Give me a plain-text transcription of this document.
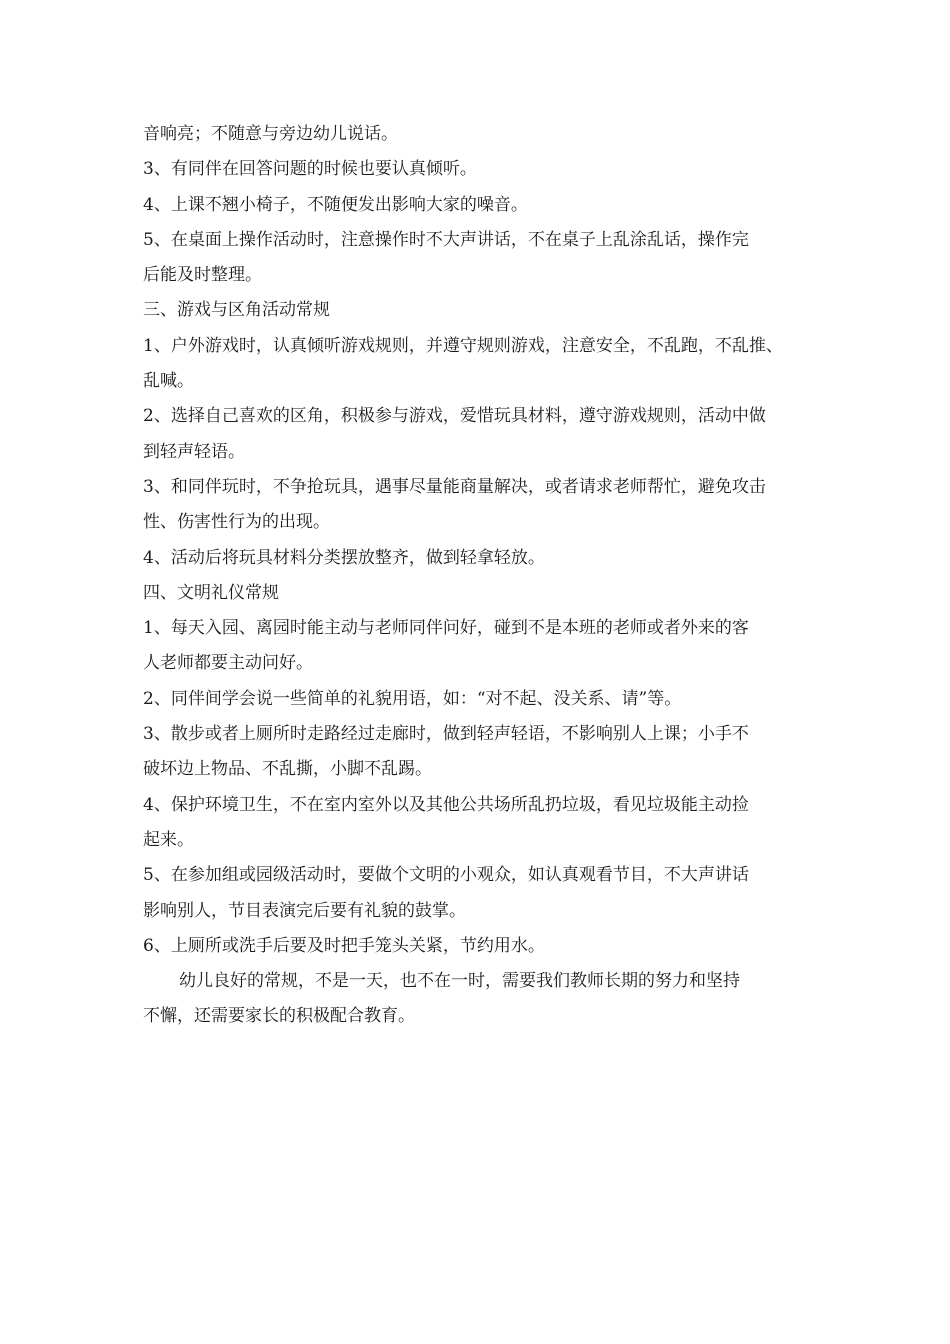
音响亮；不随意与旁边幼儿说话。
3、有同伴在回答问题的时候也要认真倾听。
4、上课不翘小椅子，不随便发出影响大家的噪音。
5、在桌面上操作活动时，注意操作时不大声讲话，不在桌子上乱涂乱话，操作完
后能及时整理。
三、游戏与区角活动常规
1、户外游戏时，认真倾听游戏规则，并遵守规则游戏，注意安全，不乱跑，不乱推、
乱喊。
2、选择自己喜欢的区角，积极参与游戏，爱惜玩具材料，遵守游戏规则，活动中做
到轻声轻语。
3、和同伴玩时，不争抢玩具，遇事尽量能商量解决，或者请求老师帮忙，避免攻击
性、伤害性行为的出现。
4、活动后将玩具材料分类摆放整齐，做到轻拿轻放。
四、文明礼仪常规
1、每天入园、离园时能主动与老师同伴问好，碰到不是本班的老师或者外来的客
人老师都要主动问好。
2、同伴间学会说一些简单的礼貌用语，如：“对不起、没关系、请”等。
3、散步或者上厕所时走路经过走廊时，做到轻声轻语，不影响别人上课；小手不
破坏边上物品、不乱撕，小脚不乱踢。
4、保护环境卫生，不在室内室外以及其他公共场所乱扔垃圾，看见垃圾能主动捡
起来。
5、在参加组或园级活动时，要做个文明的小观众，如认真观看节目，不大声讲话
影响别人，节目表演完后要有礼貌的鼓掌。
6、上厕所或洗手后要及时把手笼头关紧，节约用水。
幼儿良好的常规，不是一天，也不在一时，需要我们教师长期的努力和坚持
不懈，还需要家长的积极配合教育。
